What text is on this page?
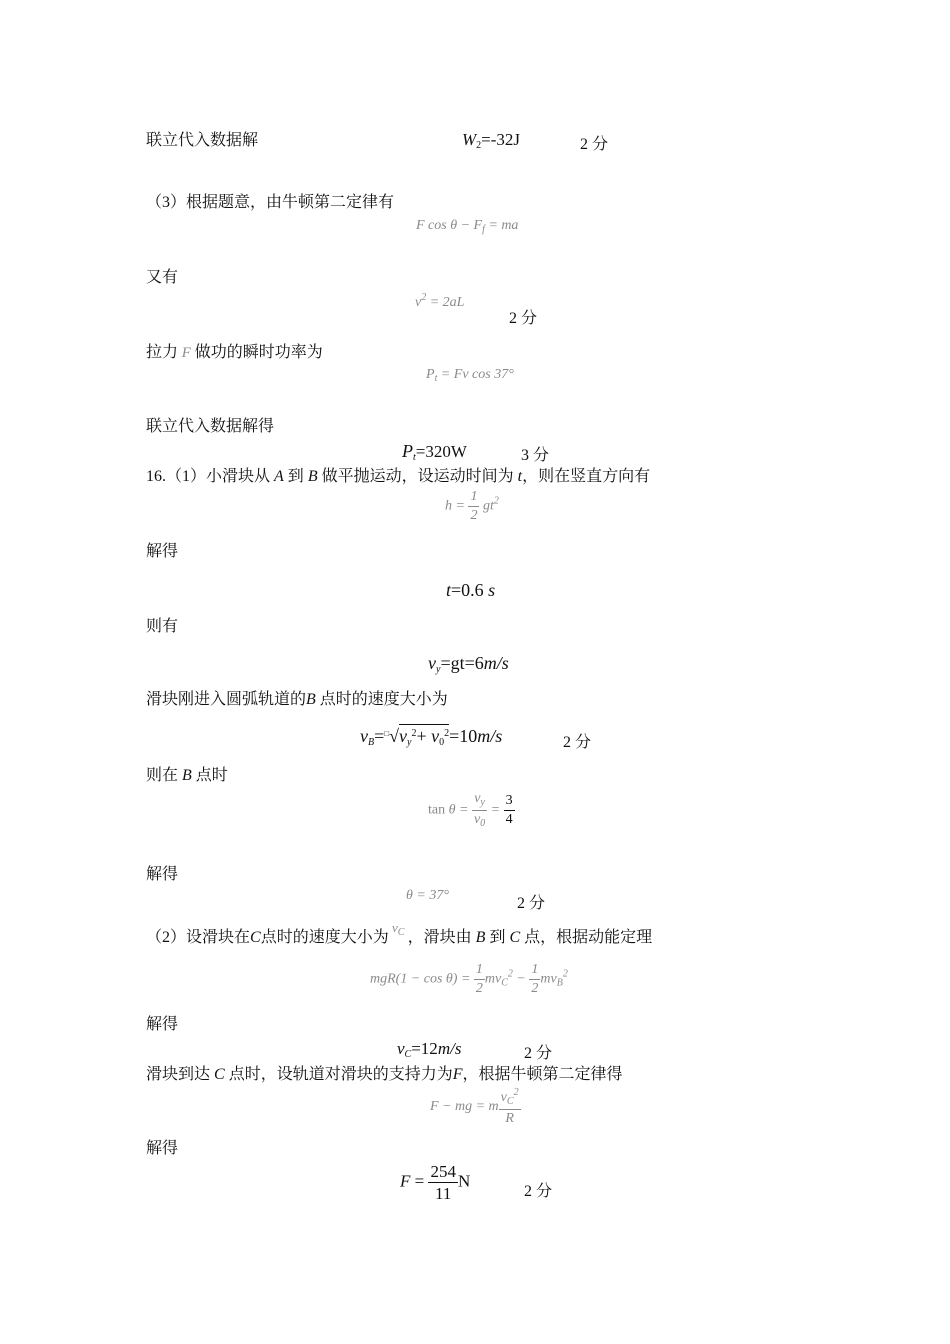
联立代入数据解	$W_2=-32J$	2 分
（3）根据题意，由牛顿第二定律有
F $\cos \theta - F_f$ = ma
又有
$v^2 = 2aL$
2 分
拉力 F 做功的瞬时功率为
$P_t = Fv$ cos 37°
联立代入数据解得
$P_t=320W$	3 分
16.（1）小滑块从 A 到 B 做平抛运动，设运动时间为 t，则在竖直方向有
$h = \frac{1}{2} gt^2$
解得
t=0.6 s
则有
$v_y=gt=6m/s$
滑块刚进入圆弧轨道的B 点时的速度大小为
$v_B=^□√v_y^2+ v_0^2=10m/s$	2 分
则在 B 点时
$\tan \theta = \frac{v_y}{v_0} = \frac{3}{4}$
解得
θ = 37°	2 分
（2）设滑块在C点时的速度大小为 $^{v_C}$ ，滑块由 B 到 C 点，根据动能定理
$mgR(1 - \cos \theta) = \frac{1}{2} mv_C^2 - \frac{1}{2} mv_B^2$
解得
$v_C=12m/s$	2 分
滑块到达 C 点时，设轨道对滑块的支持力为F，根据牛顿第二定律得
F − mg = m $\frac{v_C^2}{R}$
解得
$F = \frac{254}{11}$ N
2 分
